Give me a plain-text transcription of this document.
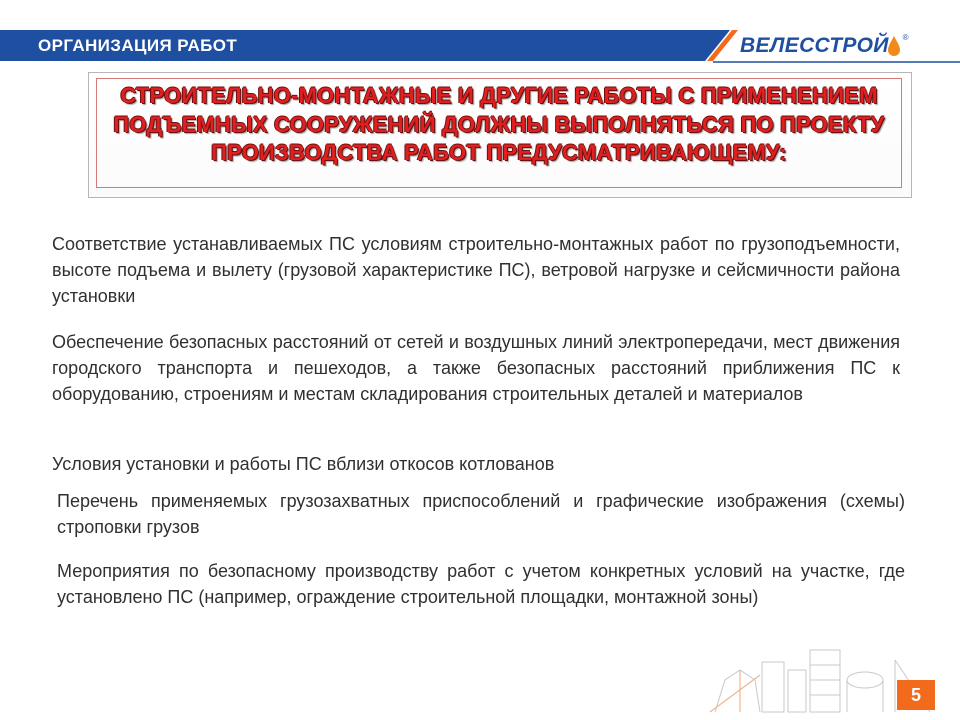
ОРГАНИЗАЦИЯ РАБОТ	ВЕЛЕССТРОЙ ®
СТРОИТЕЛЬНО-МОНТАЖНЫЕ И ДРУГИЕ РАБОТЫ С ПРИМЕНЕНИЕМ ПОДЪЕМНЫХ СООРУЖЕНИЙ ДОЛЖНЫ ВЫПОЛНЯТЬСЯ ПО ПРОЕКТУ ПРОИЗВОДСТВА РАБОТ ПРЕДУСМАТРИВАЮЩЕМУ:
Соответствие устанавливаемых ПС условиям строительно-монтажных работ по грузоподъемности, высоте подъема и вылету (грузовой характеристике ПС), ветровой нагрузке и сейсмичности района установки
Обеспечение безопасных расстояний от сетей и воздушных линий электропередачи, мест движения городского транспорта и пешеходов, а также безопасных расстояний приближения ПС к оборудованию, строениям и местам складирования строительных деталей и материалов
Условия установки и работы ПС вблизи откосов котлованов
Перечень применяемых грузозахватных приспособлений и графические изображения (схемы) строповки грузов
Мероприятия по безопасному производству работ с учетом конкретных условий на участке, где установлено ПС (например, ограждение строительной площадки, монтажной зоны)
5
